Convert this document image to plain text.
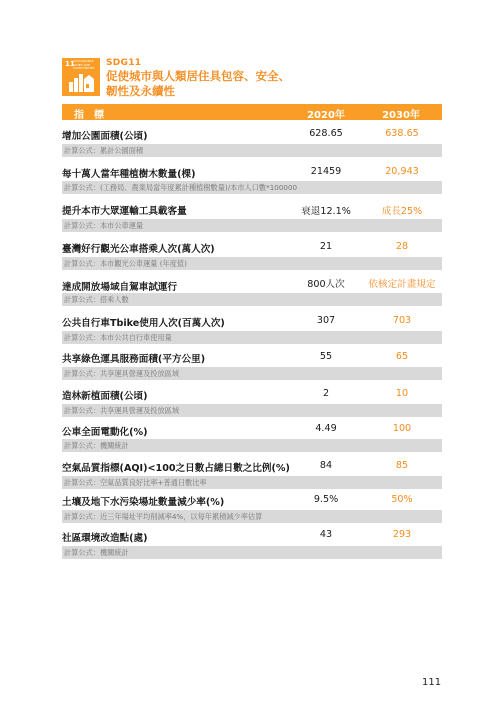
11
SUSTAINABLE CITIES AND COMMUNITIES
SDG11
促使城市與人類居住具包容、安全、
韌性及永續性
指　標	2020年	2030年
增加公園面積(公頃)	628.65	638.65
計算公式：累計公園面積
每十萬人當年種植樹木數量(棵)	21459	20,943
計算公式：(工務局、農業局當年度累計種植樹數量)/本市人口數*100000
提升本市大眾運輸工具載客量	衰退12.1%	成長25%
計算公式：本市公車運量
臺灣好行觀光公車搭乘人次(萬人次)	21	28
計算公式：本市觀光公車運量 (年度值)
達成開放場域自駕車試運行	800人次	依核定計畫規定
計算公式：搭乘人數
公共自行車Tbike使用人次(百萬人次)	307	703
計算公式：本市公共自行車使用量
共享綠色運具服務面積(平方公里)	55	65
計算公式：共享運具營運及投放區域
造林新植面積(公頃)	2	10
計算公式：共享運具營運及投放區域
公車全面電動化(%)	4.49	100
計算公式：機關統計
空氣品質指標(AQI)<100之日數占總日數之比例(%)	84	85
計算公式：空氣品質良好比率+普通日數比率
土壤及地下水污染場址數量減少率(%)	9.5%	50%
計算公式：近三年場址平均削減率4%，以每年累積減少率估算
社區環境改造點(處)	43	293
計算公式：機關統計
111
